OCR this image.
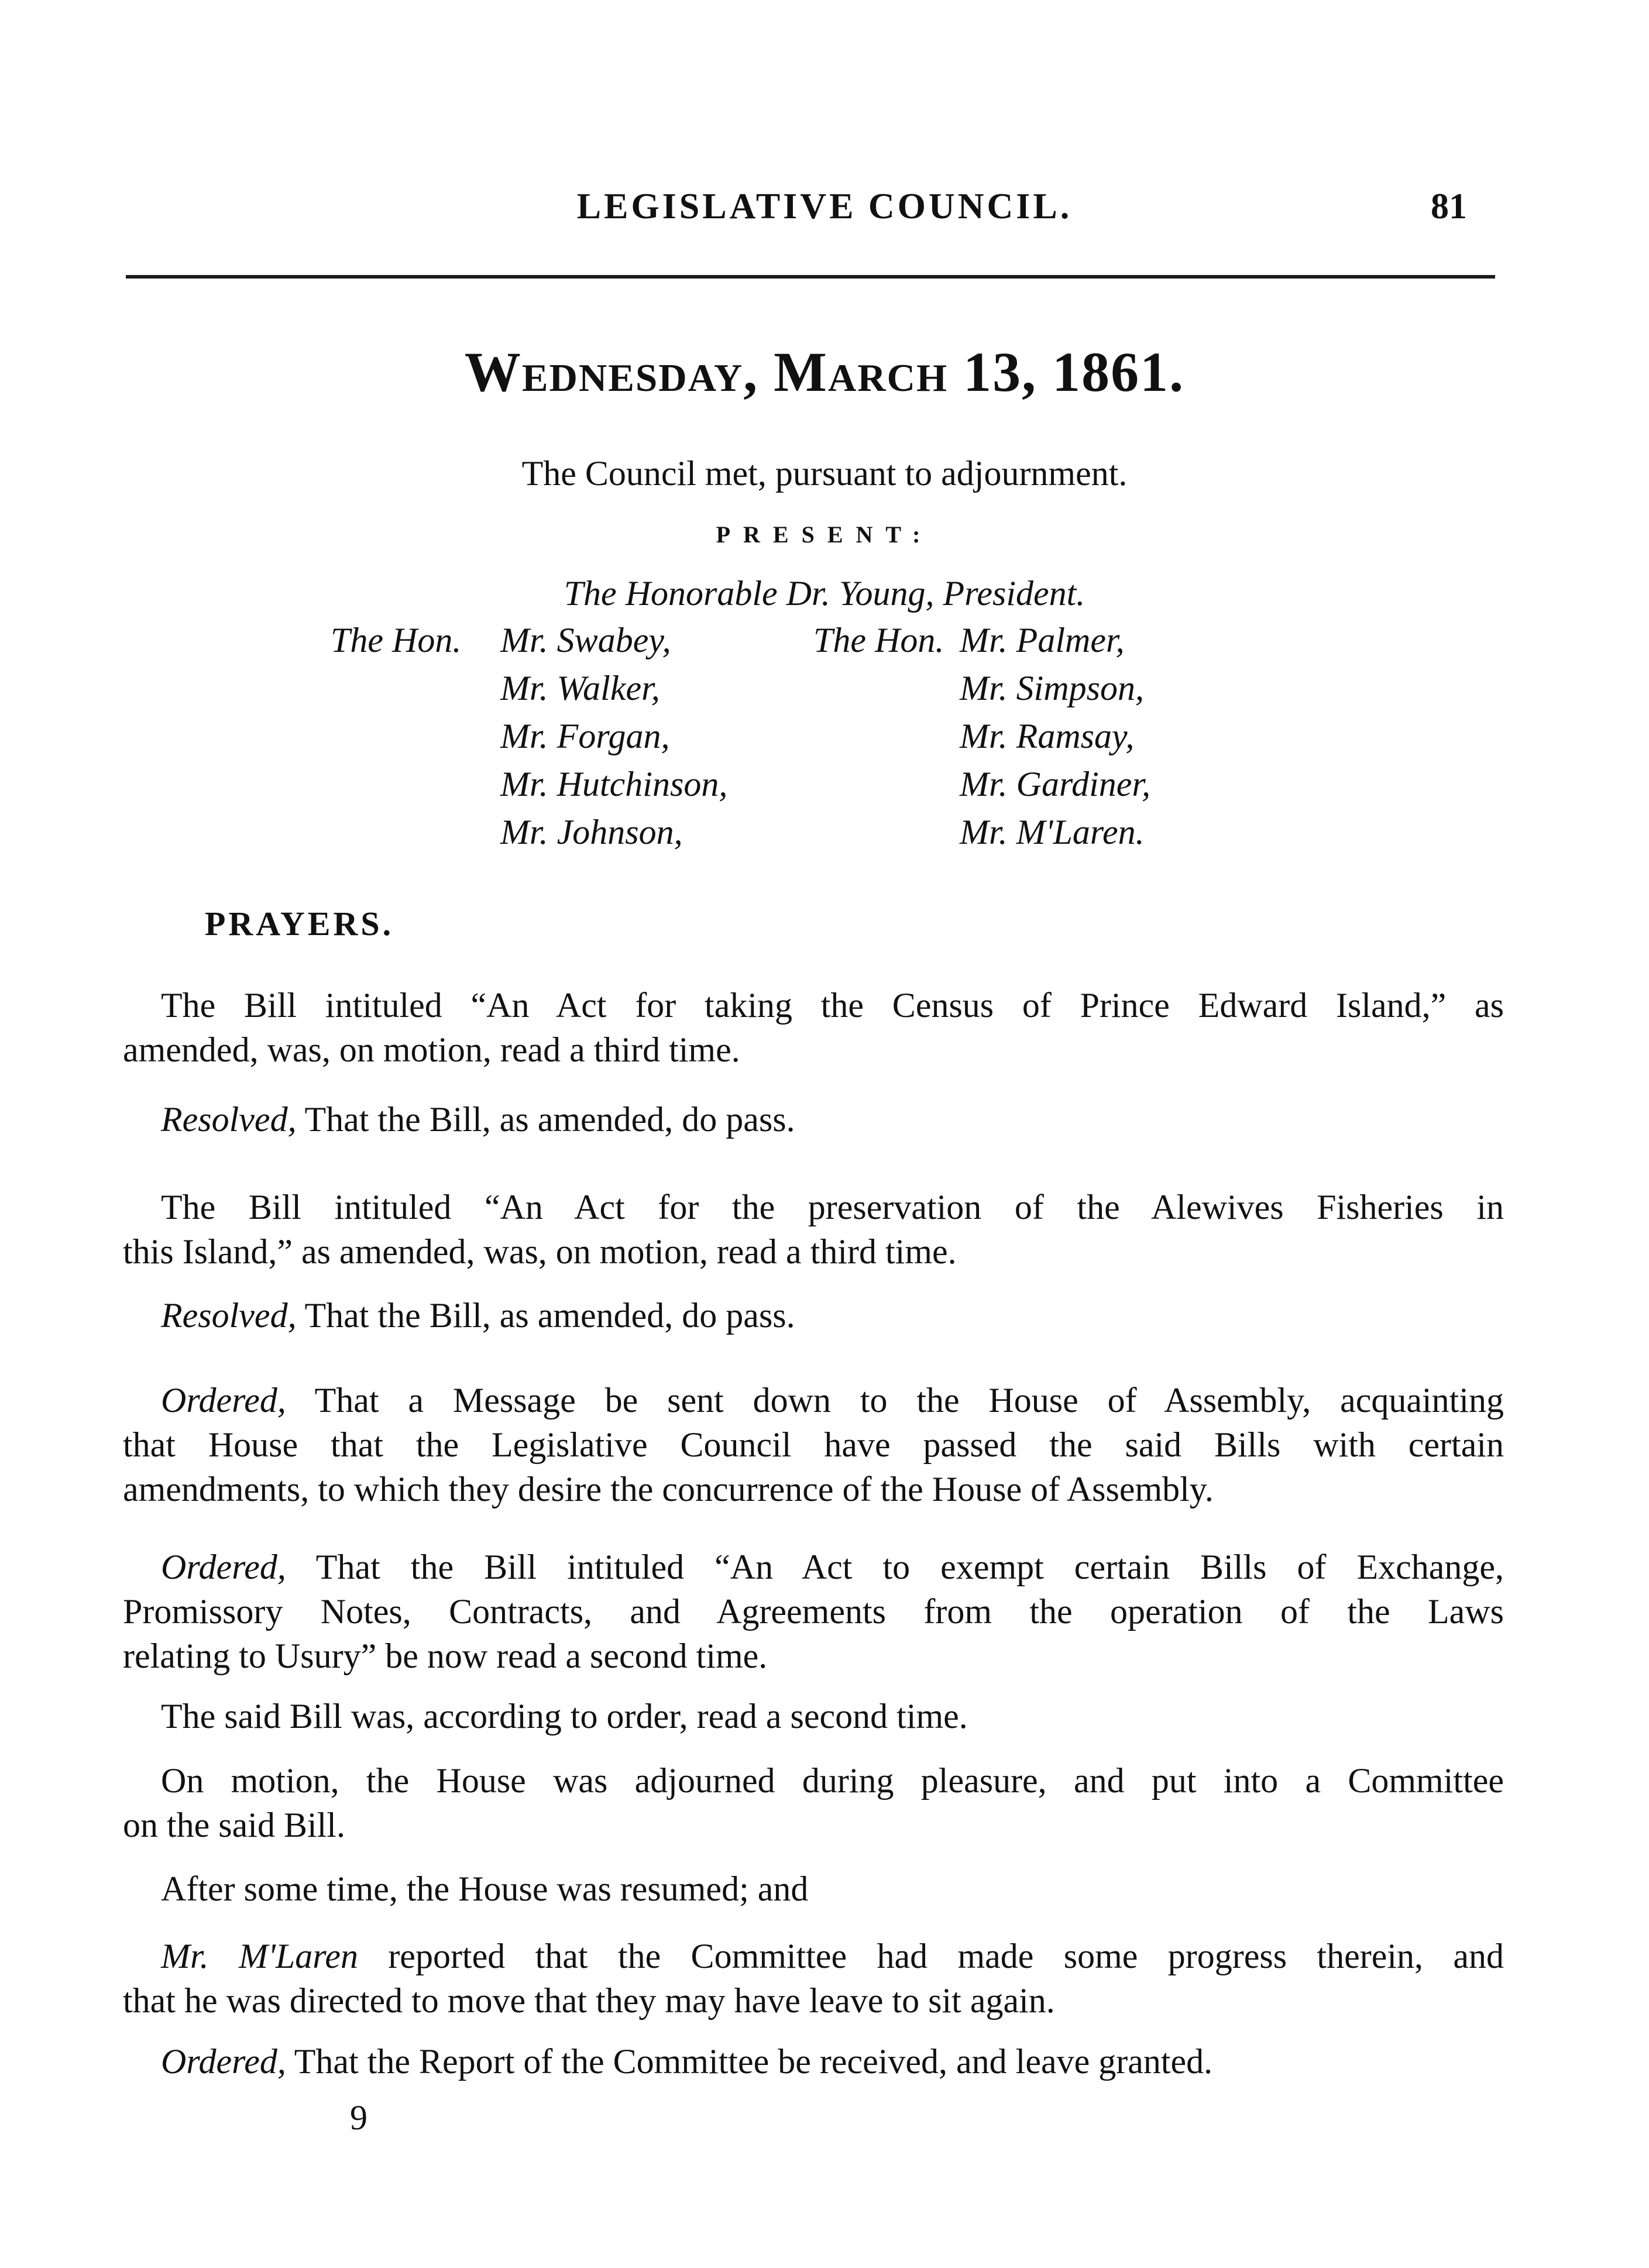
LEGISLATIVE COUNCIL.	81
Wednesday, March 13, 1861.
The Council met, pursuant to adjournment.
PRESENT:
The Honorable Dr. Young, President.
The Hon. Mr. Swabey,
Mr. Walker,
Mr. Forgan,
Mr. Hutchinson,
Mr. Johnson,
The Hon. Mr. Palmer,
Mr. Simpson,
Mr. Ramsay,
Mr. Gardiner,
Mr. M'Laren.
PRAYERS.
The Bill intituled “An Act for taking the Census of Prince Edward Island,” as
amended, was, on motion, read a third time.
Resolved, That the Bill, as amended, do pass.
The Bill intituled “An Act for the preservation of the Alewives Fisheries in
this Island,” as amended, was, on motion, read a third time.
Resolved, That the Bill, as amended, do pass.
Ordered, That a Message be sent down to the House of Assembly, acquainting
that House that the Legislative Council have passed the said Bills with certain
amendments, to which they desire the concurrence of the House of Assembly.
Ordered, That the Bill intituled “An Act to exempt certain Bills of Exchange,
Promissory Notes, Contracts, and Agreements from the operation of the Laws
relating to Usury” be now read a second time.
The said Bill was, according to order, read a second time.
On motion, the House was adjourned during pleasure, and put into a Committee
on the said Bill.
After some time, the House was resumed; and
Mr. M'Laren reported that the Committee had made some progress therein, and
that he was directed to move that they may have leave to sit again.
Ordered, That the Report of the Committee be received, and leave granted.
9
